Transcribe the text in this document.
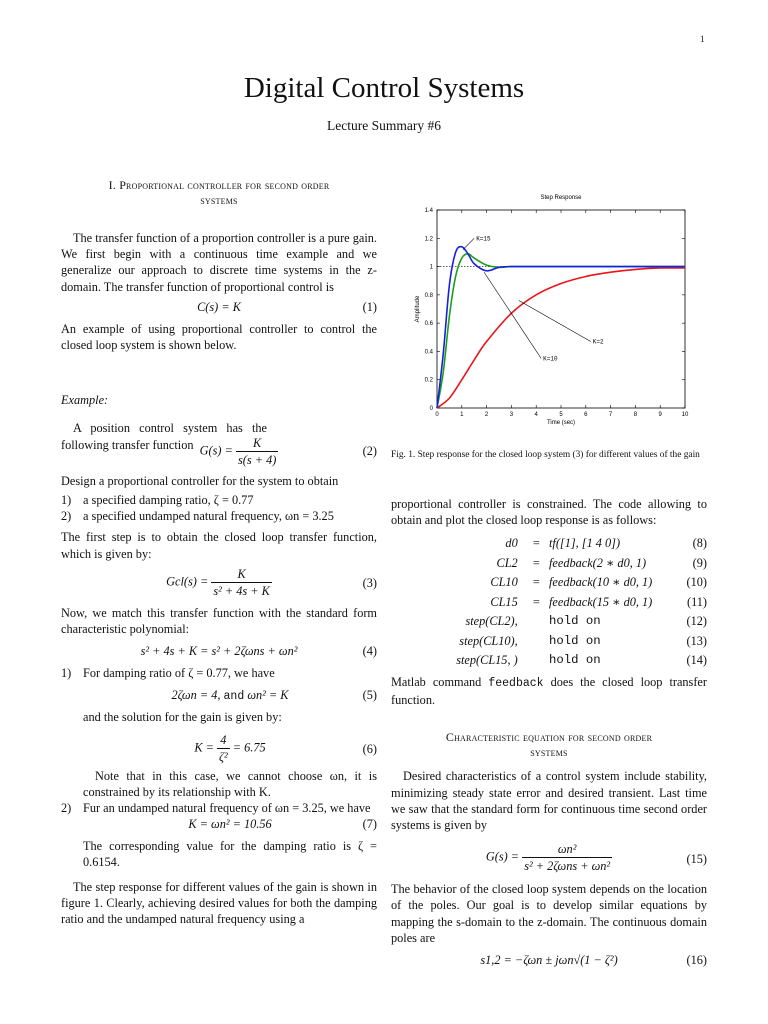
1
Digital Control Systems
Lecture Summary #6
I. Proportional controller for second order
systems

The transfer function of a proportion controller is a pure gain. We first begin with a continuous time example and we generalize our approach to discrete time systems in the z-domain. The transfer function of proportional control is

C(s) = K	(1)

An example of using proportional controller to control the closed loop system is shown below.

Example:

A position control system has the following transfer function $G(s) = \frac{K}{s(s + 4)}$	(2)

Design a proportional controller for the system to obtain

1) a specified damping ratio, ζ = 0.77
2) a specified undamped natural frequency, ωn = 3.25

The first step is to obtain the closed loop transfer function, which is given by:

$Gcl(s) = \frac{K}{\text{s² + 4s + K}}$	(3)

Now, we match this transfer function with the standard form characteristic polynomial:

s² + 4s + K = s² + 2ζωns + ωn²	(4)
1) For damping ratio of ζ = 0.77, we have
2ζωn = 4, and ωn² = K	(5)

and the solution for the gain is given by:

$K = \frac{4}{\text{ζ²}} = 6.75$	(6)

Note that in this case, we cannot choose ωn, it is constrained by its relationship with K.

2) Fur an undamped natural frequency of ωn = 3.25, we have
K = ωn² = 10.56	(7)

The corresponding value for the damping ratio is ζ = 0.6154.

The step response for different values of the gain is shown in figure 1. Clearly, achieving desired values for both the damping ratio and the undamped natural frequency using a

Step Response
Time (sec)
Amplitude
0	1	2	3	4	5	6	7	8	9	10
0
0.2
0.4
0.6
0.8
1
1.2
1.4
K=15
K=2
K=10
Fig. 1. Step response for the closed loop system (3) for different values of the gain

proportional controller is constrained. The code allowing to obtain and plot the closed loop response is as follows:

d0	=	tf([1], [1 4 0])	(8)
CL2	=	feedback(2 ∗ d0, 1)	(9)
CL10	=	feedback(10 ∗ d0, 1)	(10)
CL15	=	feedback(15 ∗ d0, 1)	(11)
step(CL2),		hold on	(12)
step(CL10),		hold on	(13)
step(CL15, )		hold on	(14)

Matlab command feedback does the closed loop transfer function.

Characteristic equation for second order
systems

Desired characteristics of a control system include stability, minimizing steady state error and desired transient. Last time we saw that the standard form for continuous time second order systems is given by

$G(s) = \frac{\text{ωn²}}{\text{s² + 2ζωns + ωn²}}$	(15)

The behavior of the closed loop system depends on the location of the poles. Our goal is to develop similar equations by mapping the s-domain to the z-domain. The continuous domain poles are

s1,2 = −ζωn ± jωn√(1 − ζ²)	(16)
